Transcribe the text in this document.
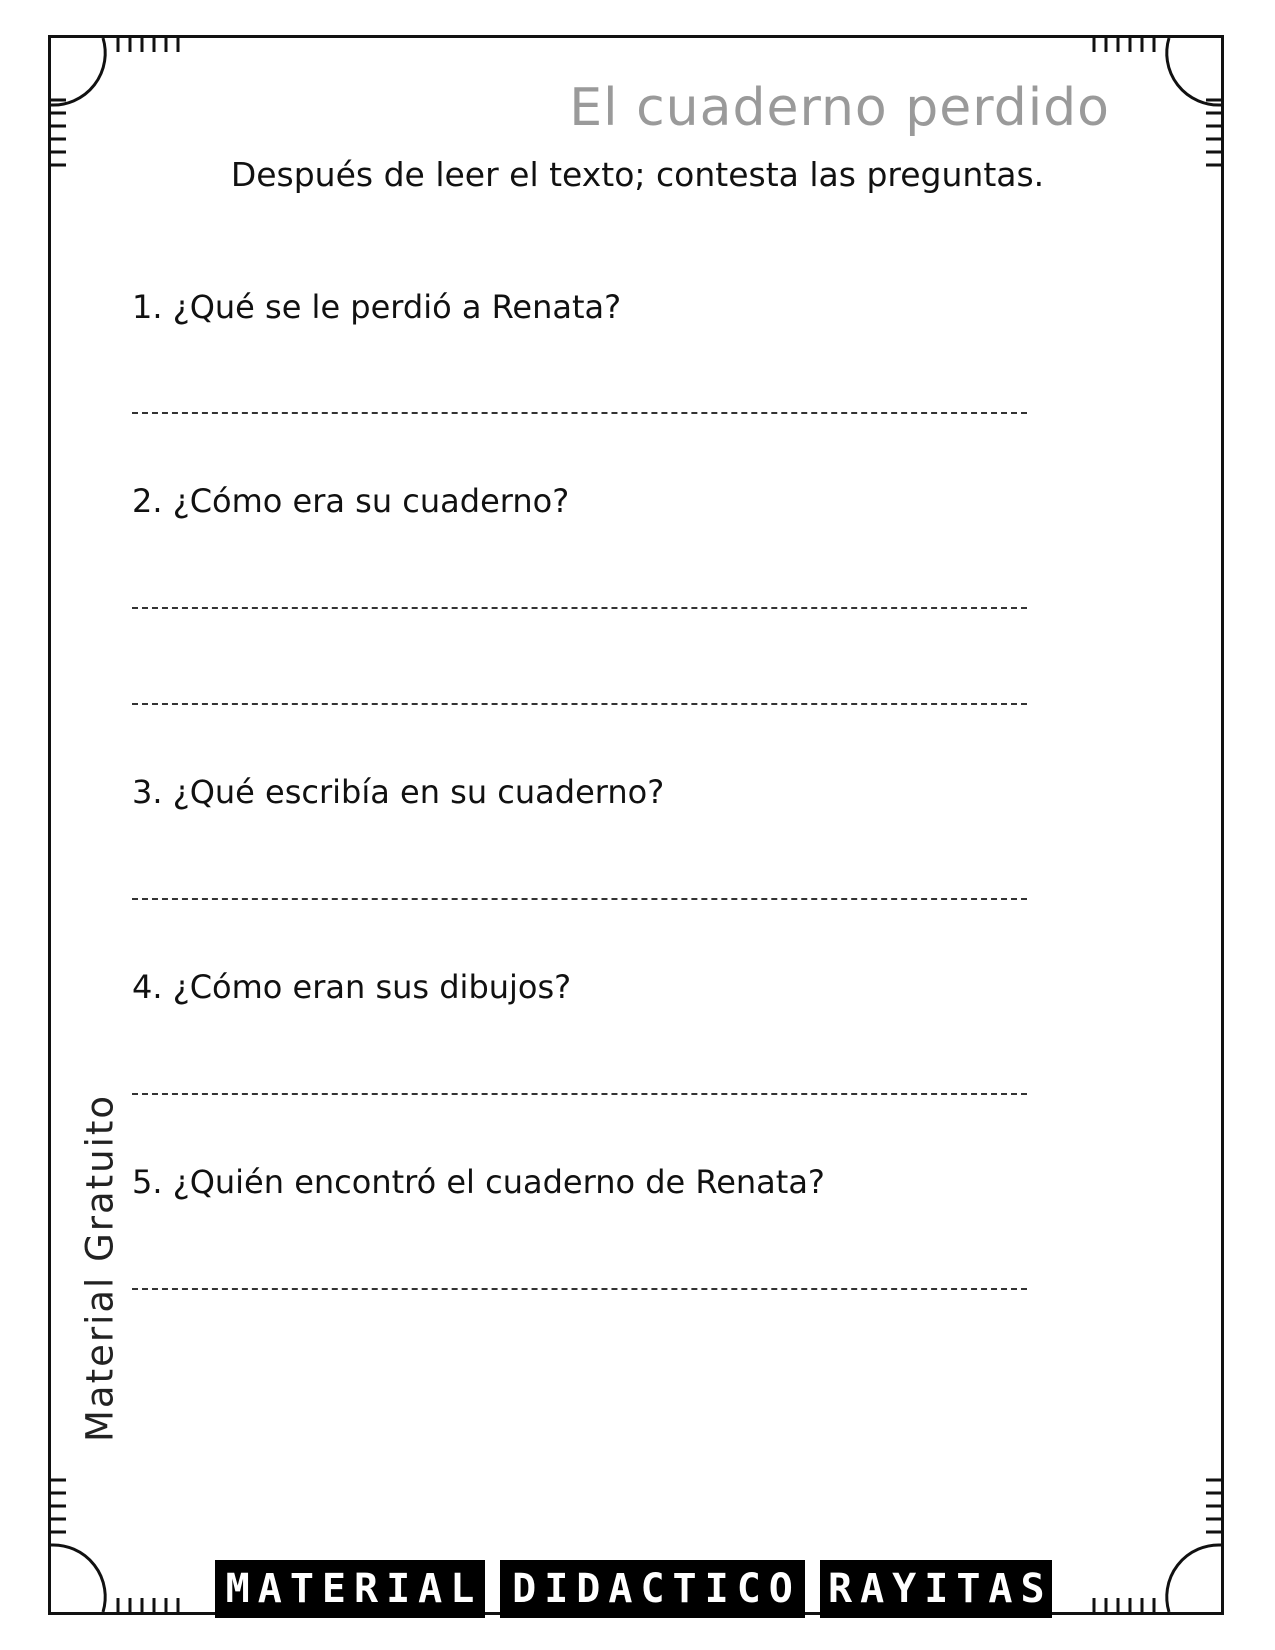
El cuaderno perdido
Después de leer el texto; contesta las preguntas.
1. ¿Qué se le perdió a Renata?
2. ¿Cómo era su cuaderno?
3. ¿Qué escribía en su cuaderno?
4. ¿Cómo eran sus dibujos?
5. ¿Quién encontró el cuaderno de Renata?
Material Gratuito
MATERIAL DIDACTICO RAYITAS
